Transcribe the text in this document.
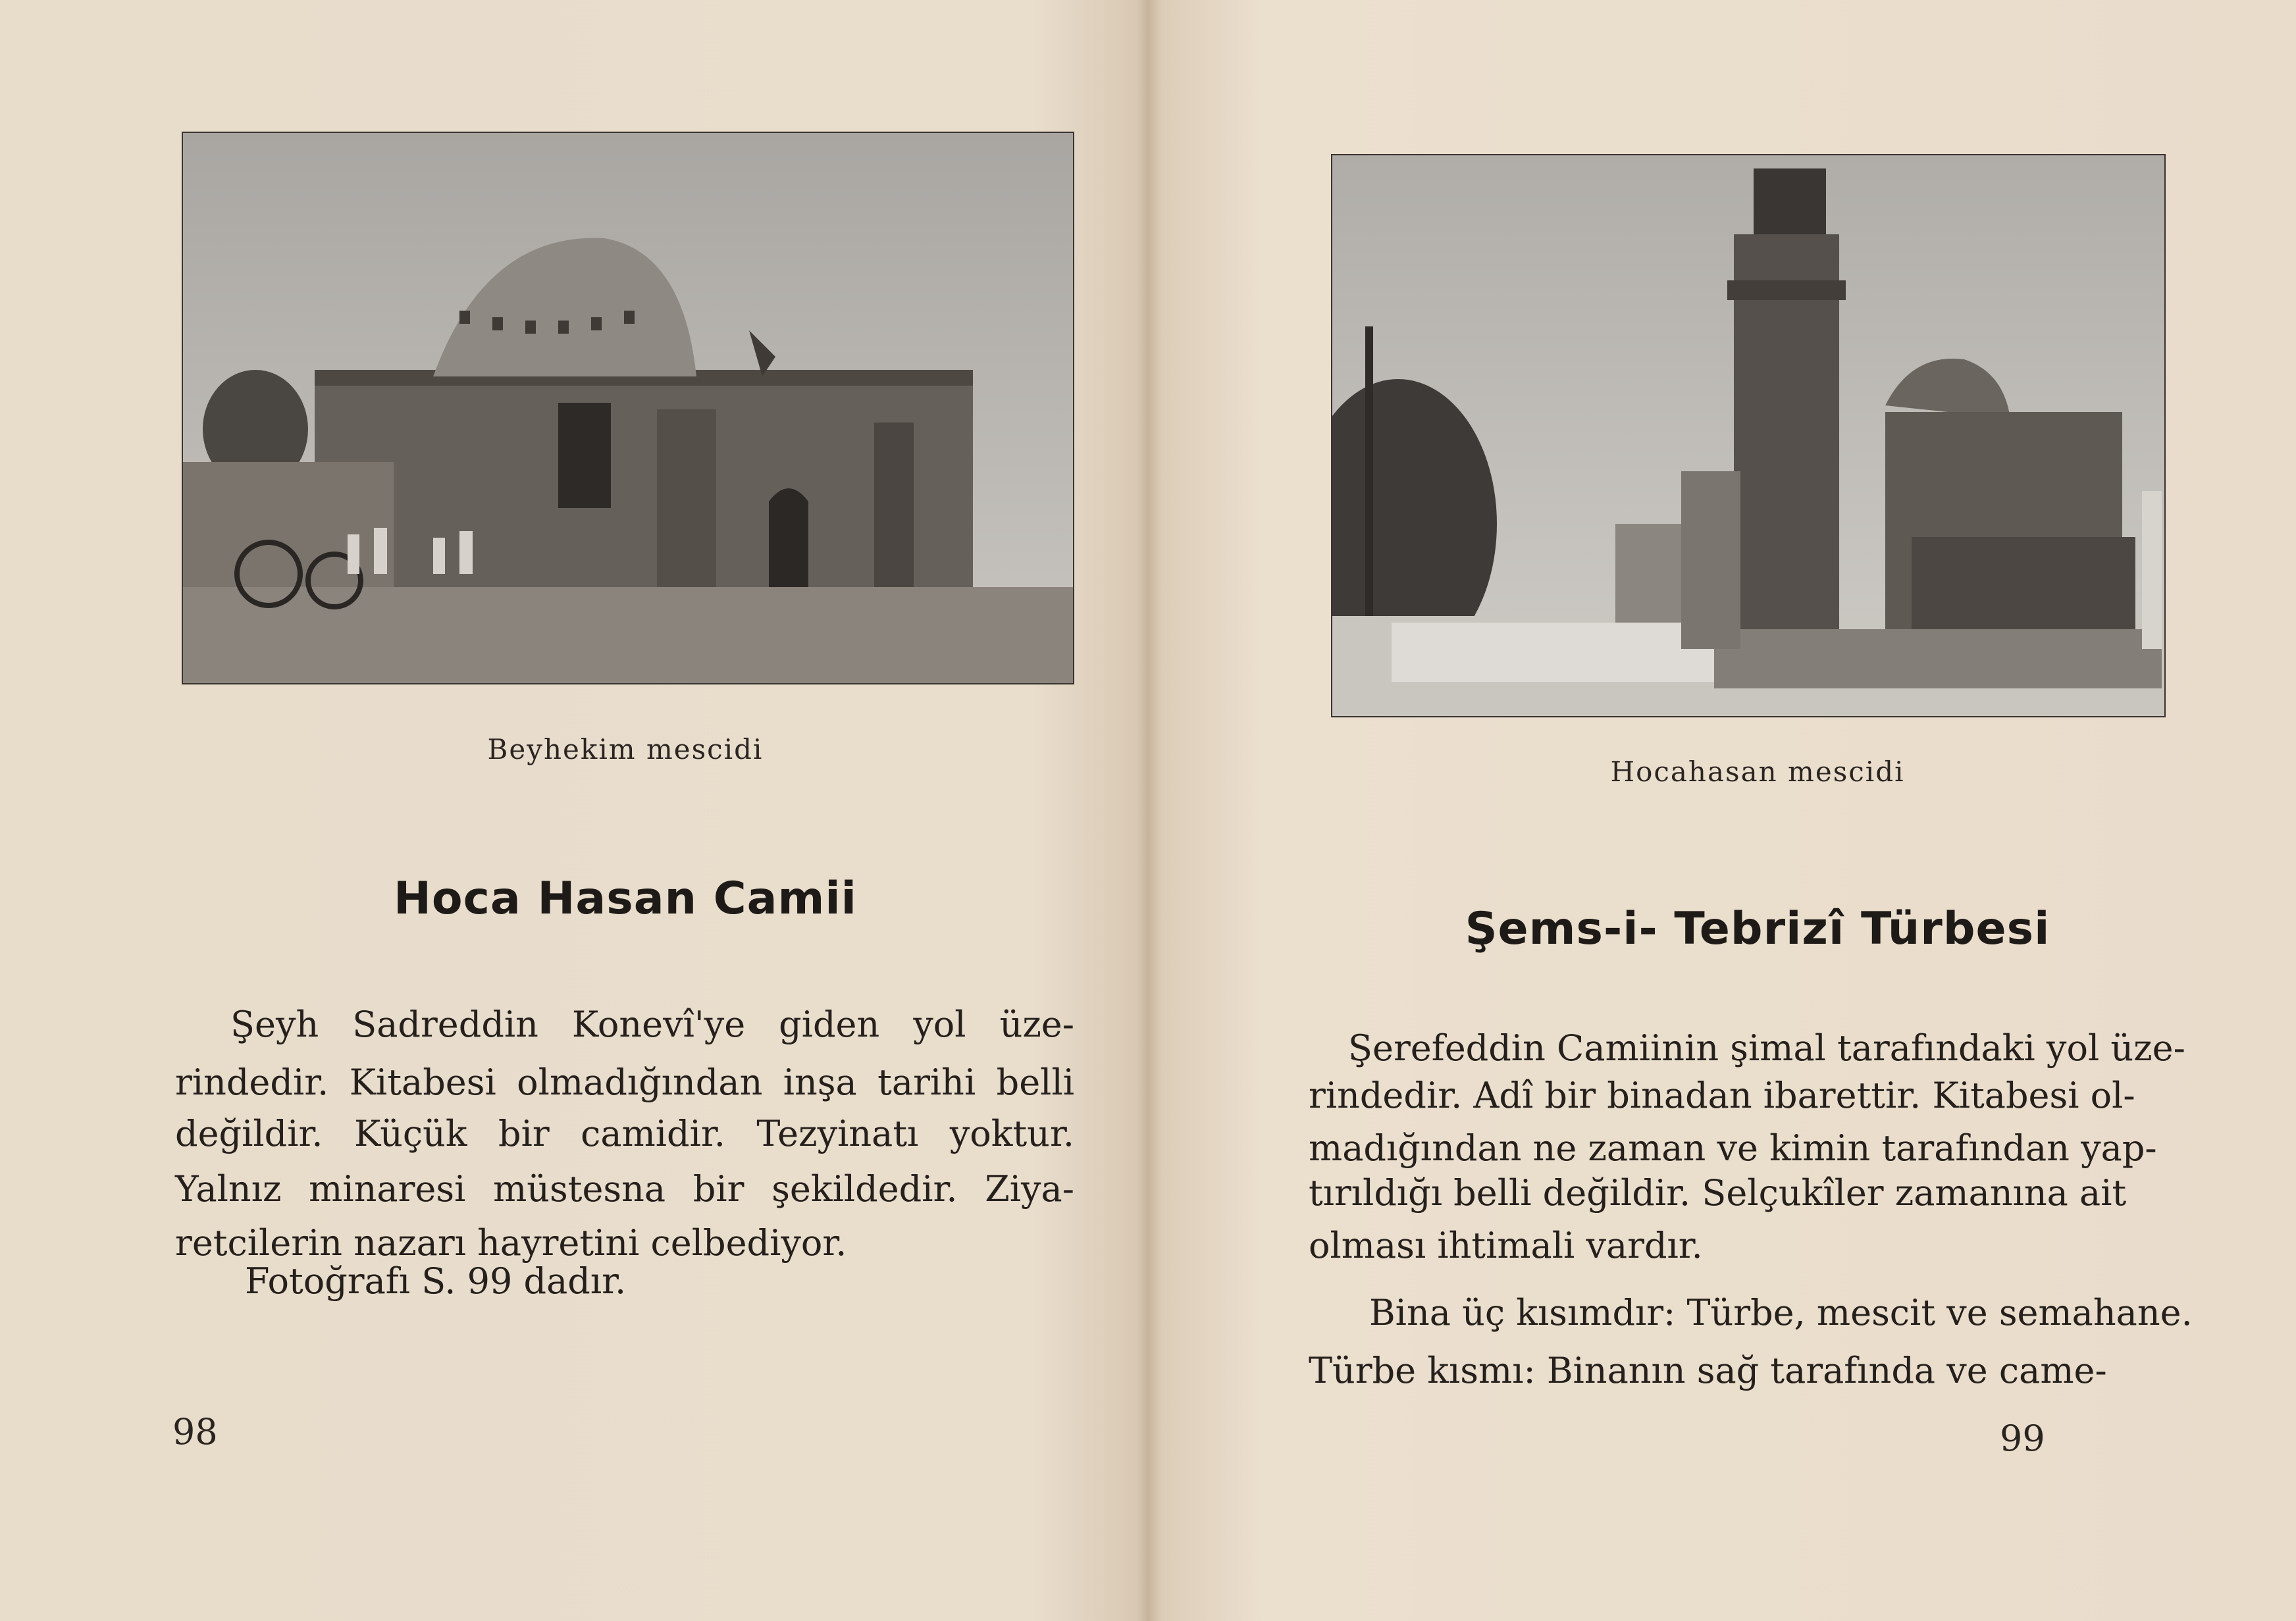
Beyhekim mescidi
Hoca Hasan Camii
Şeyh Sadreddin Konevî'ye giden yol üze-
rindedir. Kitabesi olmadığından inşa tarihi belli
değildir. Küçük bir camidir. Tezyinatı yoktur.
Yalnız minaresi müstesna bir şekildedir. Ziya-
retcilerin nazarı hayretini celbediyor.
Fotoğrafı S. 99 dadır.
98
Hocahasan mescidi
Şems-i- Tebrizî Türbesi
Şerefeddin Camiinin şimal tarafındaki yol üze-
rindedir. Adî bir binadan ibarettir. Kitabesi ol-
madığından ne zaman ve kimin tarafından yap-
tırıldığı belli değildir. Selçukîler zamanına ait
olması ihtimali vardır.
Bina üç kısımdır: Türbe, mescit ve semahane.
Türbe kısmı: Binanın sağ tarafında ve came-
99
